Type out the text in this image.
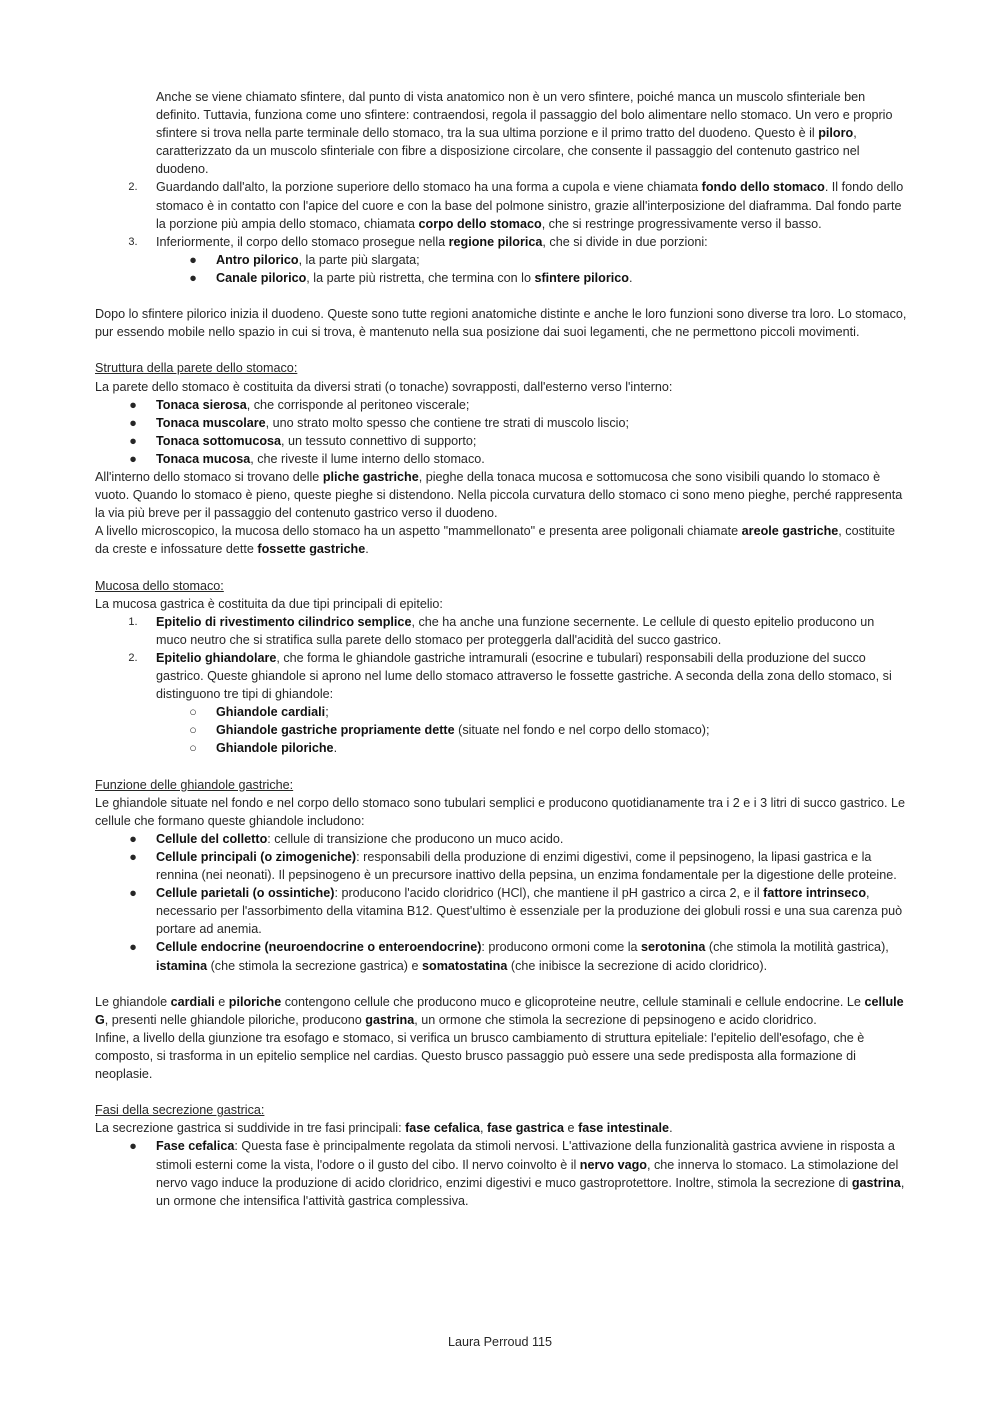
Anche se viene chiamato sfintere, dal punto di vista anatomico non è un vero sfintere, poiché manca un muscolo sfinteriale ben definito. Tuttavia, funziona come uno sfintere: contraendosi, regola il passaggio del bolo alimentare nello stomaco. Un vero e proprio sfintere si trova nella parte terminale dello stomaco, tra la sua ultima porzione e il primo tratto del duodeno. Questo è il piloro, caratterizzato da un muscolo sfinteriale con fibre a disposizione circolare, che consente il passaggio del contenuto gastrico nel duodeno.

2.	Guardando dall'alto, la porzione superiore dello stomaco ha una forma a cupola e viene chiamata fondo dello stomaco. Il fondo dello stomaco è in contatto con l'apice del cuore e con la base del polmone sinistro, grazie all'interposizione del diaframma. Dal fondo parte la porzione più ampia dello stomaco, chiamata corpo dello stomaco, che si restringe progressivamente verso il basso.
3.	Inferiormente, il corpo dello stomaco prosegue nella regione pilorica, che si divide in due porzioni:
●	Antro pilorico, la parte più slargata;
●	Canale pilorico, la parte più ristretta, che termina con lo sfintere pilorico.

Dopo lo sfintere pilorico inizia il duodeno. Queste sono tutte regioni anatomiche distinte e anche le loro funzioni sono diverse tra loro. Lo stomaco, pur essendo mobile nello spazio in cui si trova, è mantenuto nella sua posizione dai suoi legamenti, che ne permettono piccoli movimenti.

Struttura della parete dello stomaco:

La parete dello stomaco è costituita da diversi strati (o tonache) sovrapposti, dall'esterno verso l'interno:

●	Tonaca sierosa, che corrisponde al peritoneo viscerale;
●	Tonaca muscolare, uno strato molto spesso che contiene tre strati di muscolo liscio;
●	Tonaca sottomucosa, un tessuto connettivo di supporto;
●	Tonaca mucosa, che riveste il lume interno dello stomaco.

All'interno dello stomaco si trovano delle pliche gastriche, pieghe della tonaca mucosa e sottomucosa che sono visibili quando lo stomaco è vuoto. Quando lo stomaco è pieno, queste pieghe si distendono. Nella piccola curvatura dello stomaco ci sono meno pieghe, perché rappresenta la via più breve per il passaggio del contenuto gastrico verso il duodeno.

A livello microscopico, la mucosa dello stomaco ha un aspetto "mammellonato" e presenta aree poligonali chiamate areole gastriche, costituite da creste e infossature dette fossette gastriche.

Mucosa dello stomaco:

La mucosa gastrica è costituita da due tipi principali di epitelio:

1.	Epitelio di rivestimento cilindrico semplice, che ha anche una funzione secernente. Le cellule di questo epitelio producono un muco neutro che si stratifica sulla parete dello stomaco per proteggerla dall'acidità del succo gastrico.
2.	Epitelio ghiandolare, che forma le ghiandole gastriche intramurali (esocrine e tubulari) responsabili della produzione del succo gastrico. Queste ghiandole si aprono nel lume dello stomaco attraverso le fossette gastriche. A seconda della zona dello stomaco, si distinguono tre tipi di ghiandole:
○	Ghiandole cardiali;
○	Ghiandole gastriche propriamente dette (situate nel fondo e nel corpo dello stomaco);
○	Ghiandole piloriche.

Funzione delle ghiandole gastriche:

Le ghiandole situate nel fondo e nel corpo dello stomaco sono tubulari semplici e producono quotidianamente tra i 2 e i 3 litri di succo gastrico. Le cellule che formano queste ghiandole includono:

●	Cellule del colletto: cellule di transizione che producono un muco acido.
●	Cellule principali (o zimogeniche): responsabili della produzione di enzimi digestivi, come il pepsinogeno, la lipasi gastrica e la rennina (nei neonati). Il pepsinogeno è un precursore inattivo della pepsina, un enzima fondamentale per la digestione delle proteine.
●	Cellule parietali (o ossintiche): producono l'acido cloridrico (HCl), che mantiene il pH gastrico a circa 2, e il fattore intrinseco, necessario per l'assorbimento della vitamina B12. Quest'ultimo è essenziale per la produzione dei globuli rossi e una sua carenza può portare ad anemia.
●	Cellule endocrine (neuroendocrine o enteroendocrine): producono ormoni come la serotonina (che stimola la motilità gastrica), istamina (che stimola la secrezione gastrica) e somatostatina (che inibisce la secrezione di acido cloridrico).

Le ghiandole cardiali e piloriche contengono cellule che producono muco e glicoproteine neutre, cellule staminali e cellule endocrine. Le cellule G, presenti nelle ghiandole piloriche, producono gastrina, un ormone che stimola la secrezione di pepsinogeno e acido cloridrico.

Infine, a livello della giunzione tra esofago e stomaco, si verifica un brusco cambiamento di struttura epiteliale: l'epitelio dell'esofago, che è composto, si trasforma in un epitelio semplice nel cardias. Questo brusco passaggio può essere una sede predisposta alla formazione di neoplasie.

Fasi della secrezione gastrica:

La secrezione gastrica si suddivide in tre fasi principali: fase cefalica, fase gastrica e fase intestinale.

●	Fase cefalica: Questa fase è principalmente regolata da stimoli nervosi. L'attivazione della funzionalità gastrica avviene in risposta a stimoli esterni come la vista, l'odore o il gusto del cibo. Il nervo coinvolto è il nervo vago, che innerva lo stomaco. La stimolazione del nervo vago induce la produzione di acido cloridrico, enzimi digestivi e muco gastroprotettore. Inoltre, stimola la secrezione di gastrina, un ormone che intensifica l'attività gastrica complessiva.
Laura Perroud 115
